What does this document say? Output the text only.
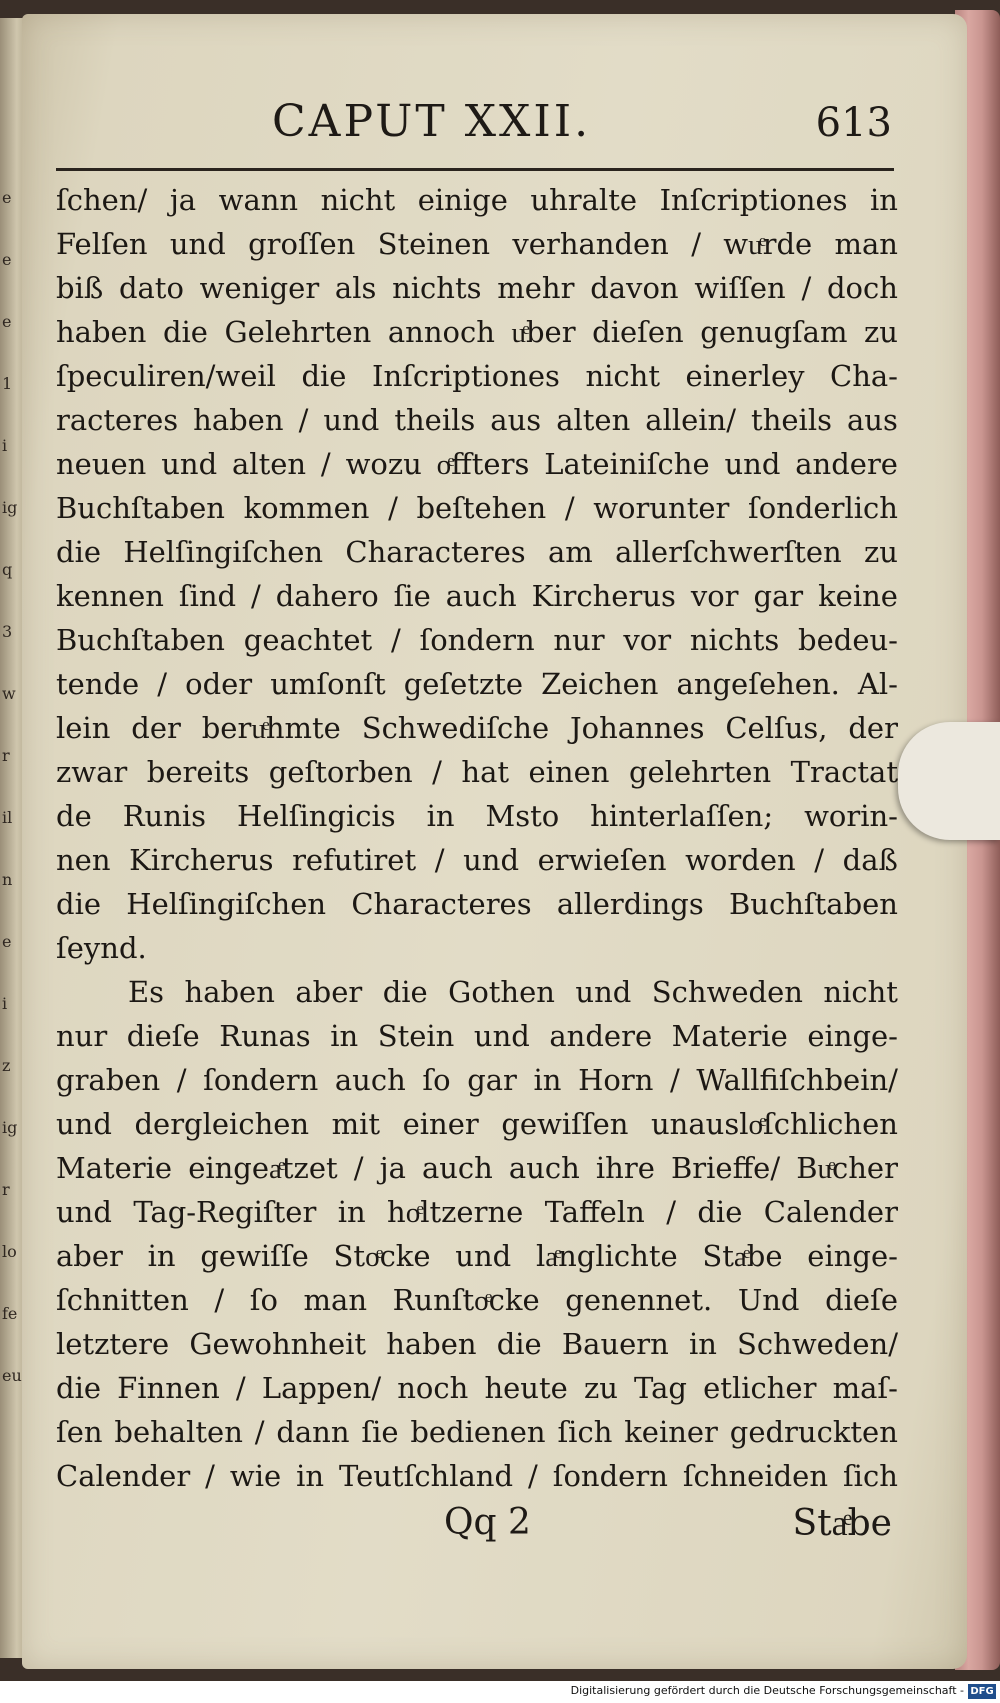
e
e
e
1
i
ig
q
3
w
r
il
n
e
i
z
ig
r
lo
fe
eu
CAPUT XXII.	613
ſchen/ ja wann nicht einige uhralte Inſcriptiones in
Felſen und groſſen Steinen verhanden / wuͤrde man
biß dato weniger als nichts mehr davon wiſſen / doch
haben die Gelehrten annoch uͤber dieſen genugſam zu
ſpeculiren/weil die Inſcriptiones nicht einerley Cha-
racteres haben / und theils aus alten allein/ theils aus
neuen und alten / wozu oͤffters Lateiniſche und andere
Buchſtaben kommen / beſtehen / worunter ſonderlich
die Helſingiſchen Characteres am allerſchwerſten zu
kennen ſind / dahero ſie auch Kircherus vor gar keine
Buchſtaben geachtet / ſondern nur vor nichts bedeu-
tende / oder umſonſt geſetzte Zeichen angeſehen. Al-
lein der beruͤhmte Schwediſche Johannes Celſus, der
zwar bereits geſtorben / hat einen gelehrten Tractat
de Runis Helſingicis in Msto hinterlaſſen; worin-
nen Kircherus refutiret / und erwieſen worden / daß
die Helſingiſchen Characteres allerdings Buchſtaben
ſeynd.
Es haben aber die Gothen und Schweden nicht
nur dieſe Runas in Stein und andere Materie einge-
graben / ſondern auch ſo gar in Horn / Wallfiſchbein/
und dergleichen mit einer gewiſſen unausloͤſchlichen
Materie eingeaͤtzet / ja auch auch ihre Brieffe/ Buͤcher
und Tag-Regiſter in hoͤltzerne Taffeln / die Calender
aber in gewiſſe Stoͤcke und laͤnglichte Staͤbe einge-
ſchnitten / ſo man Runſtoͤcke genennet. Und dieſe
letztere Gewohnheit haben die Bauern in Schweden/
die Finnen / Lappen/ noch heute zu Tag etlicher maſ-
ſen behalten / dann ſie bedienen ſich keiner gedruckten
Calender / wie in Teutſchland / ſondern ſchneiden ſich
Qq 2	Staͤbe
Digitalisierung gefördert durch die Deutsche Forschungsgemeinschaft - DFG
